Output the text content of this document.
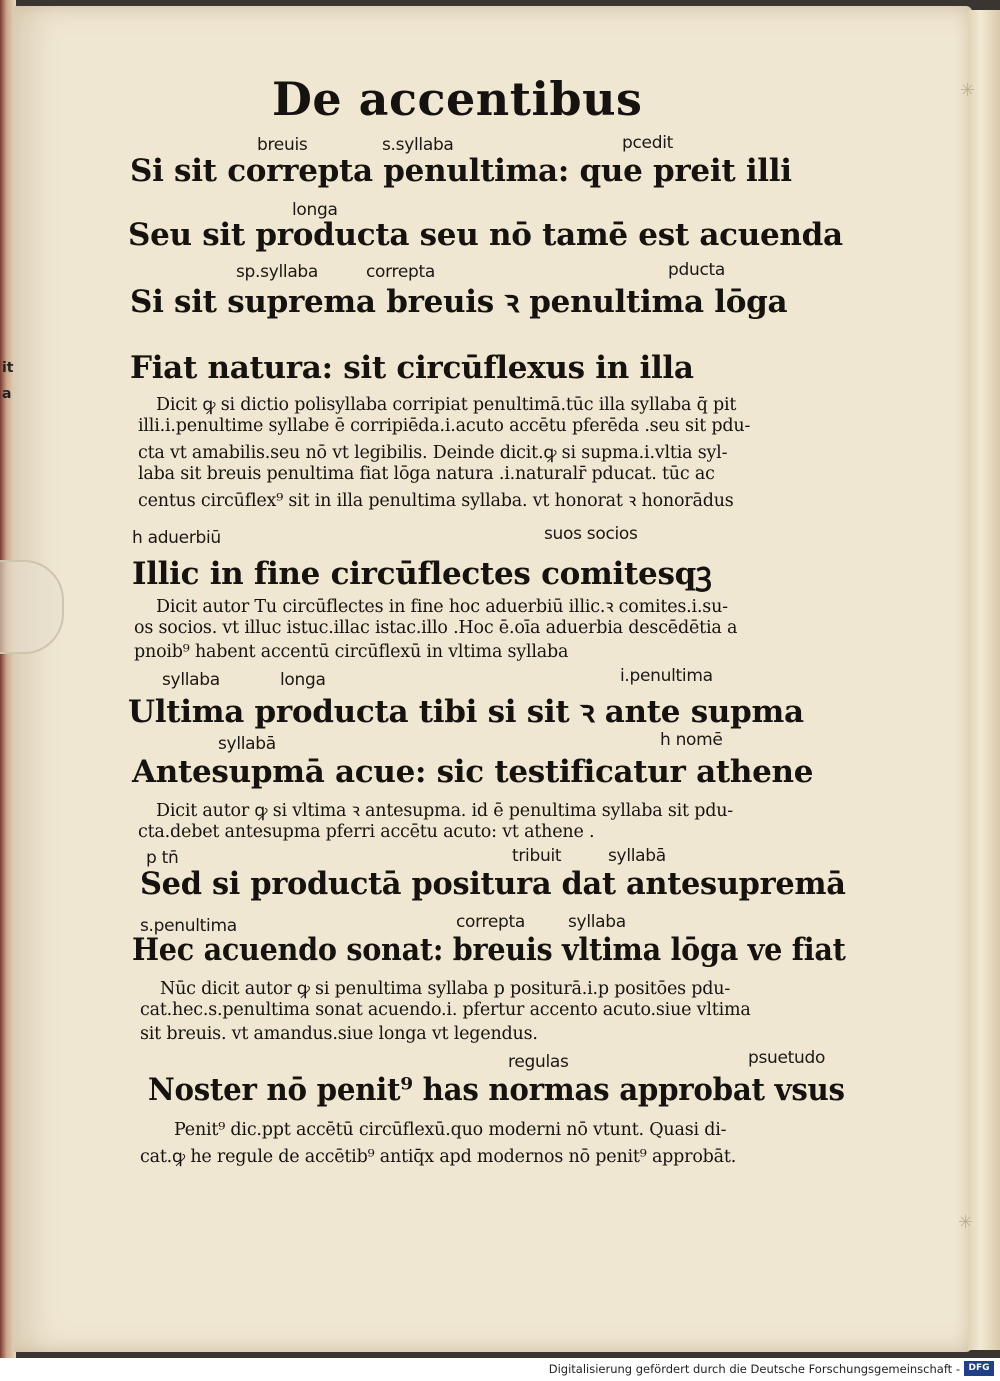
it
a
✳
✳
De accentibus
breuis	s.syllaba	pcedit
Si sit correpta penultima: que preit illi
longa
Seu sit producta seu nō tamē est acuenda
sp.syllaba	correpta	pducta
Si sit suprema breuis ꝛ penultima lōga
Fiat natura: sit circūflexus in illa
Dicit ꝙ si dictio polisyllaba corripiat penultimā.tūc illa syllaba q̄ pit
illi.i.penultime syllabe ē corripiēda.i.acuto accētu pferēda .seu sit pdu-
cta vt amabilis.seu nō vt legibilis. Deinde dicit.ꝙ si supma.i.vltia syl-
laba sit breuis penultima fiat lōga natura .i.naturalr̄ pducat. tūc ac
centus circūflex⁹ sit in illa penultima syllaba. vt honorat ꝛ honorādus
h aduerbiū	suos socios
Illic in fine circūflectes comitesqꝫ
Dicit autor Tu circūflectes in fine hoc aduerbiū illic.ꝛ comites.i.su-
os socios. vt illuc istuc.illac istac.illo .Hoc ē.oīa aduerbia descēdētia a
pnoib⁹ habent accentū circūflexū in vltima syllaba
syllaba	longa	i.penultima
Ultima producta tibi si sit ꝛ ante supma
syllabā	h nomē
Antesupmā acue: sic testificatur athene
Dicit autor ꝙ si vltima ꝛ antesupma. id ē penultima syllaba sit pdu-
cta.debet antesupma pferri accētu acuto: vt athene .
p tn̄	tribuit	syllabā
Sed si productā positura dat antesupremā
s.penultima	correpta	syllaba
Hec acuendo sonat: breuis vltima lōga ve fiat
Nūc dicit autor ꝙ si penultima syllaba p positurā.i.p positōes pdu-
cat.hec.s.penultima sonat acuendo.i. pfertur accento acuto.siue vltima
sit breuis. vt amandus.siue longa vt legendus.
regulas	psuetudo
Noster nō penit⁹ has normas approbat vsus
Penit⁹ dic.ppt accētū circūflexū.quo moderni nō vtunt. Quasi di-
cat.ꝙ he regule de accētib⁹ antiq̄x apd modernos nō penit⁹ approbāt.
Digitalisierung gefördert durch die Deutsche Forschungsgemeinschaft - DFG
